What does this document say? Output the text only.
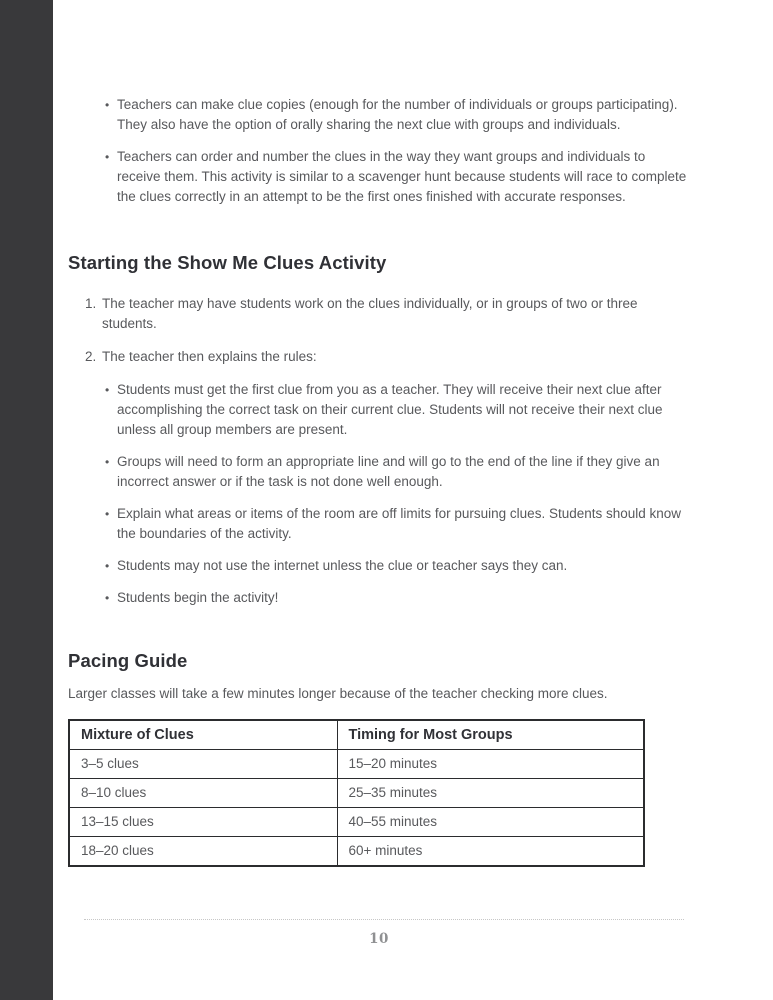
•
Teachers can make clue copies (enough for the number of individuals or groups participating). They also have the option of orally sharing the next clue with groups and individuals.
•
Teachers can order and number the clues in the way they want groups and individuals to receive them. This activity is similar to a scavenger hunt because students will race to complete the clues correctly in an attempt to be the first ones finished with accurate responses.
Starting the Show Me Clues Activity
1. The teacher may have students work on the clues individually, or in groups of two or three students.
2. The teacher then explains the rules:
•
Students must get the first clue from you as a teacher. They will receive their next clue after accomplishing the correct task on their current clue. Students will not receive their next clue unless all group members are present.
•
Groups will need to form an appropriate line and will go to the end of the line if they give an incorrect answer or if the task is not done well enough.
•
Explain what areas or items of the room are off limits for pursuing clues. Students should know the boundaries of the activity.
•
Students may not use the internet unless the clue or teacher says they can.
•
Students begin the activity!
Pacing Guide

Larger classes will take a few minutes longer because of the teacher checking more clues.

Mixture of Clues	Timing for Most Groups
3–5 clues	15–20 minutes
8–10 clues	25–35 minutes
13–15 clues	40–55 minutes
18–20 clues	60+ minutes
10
